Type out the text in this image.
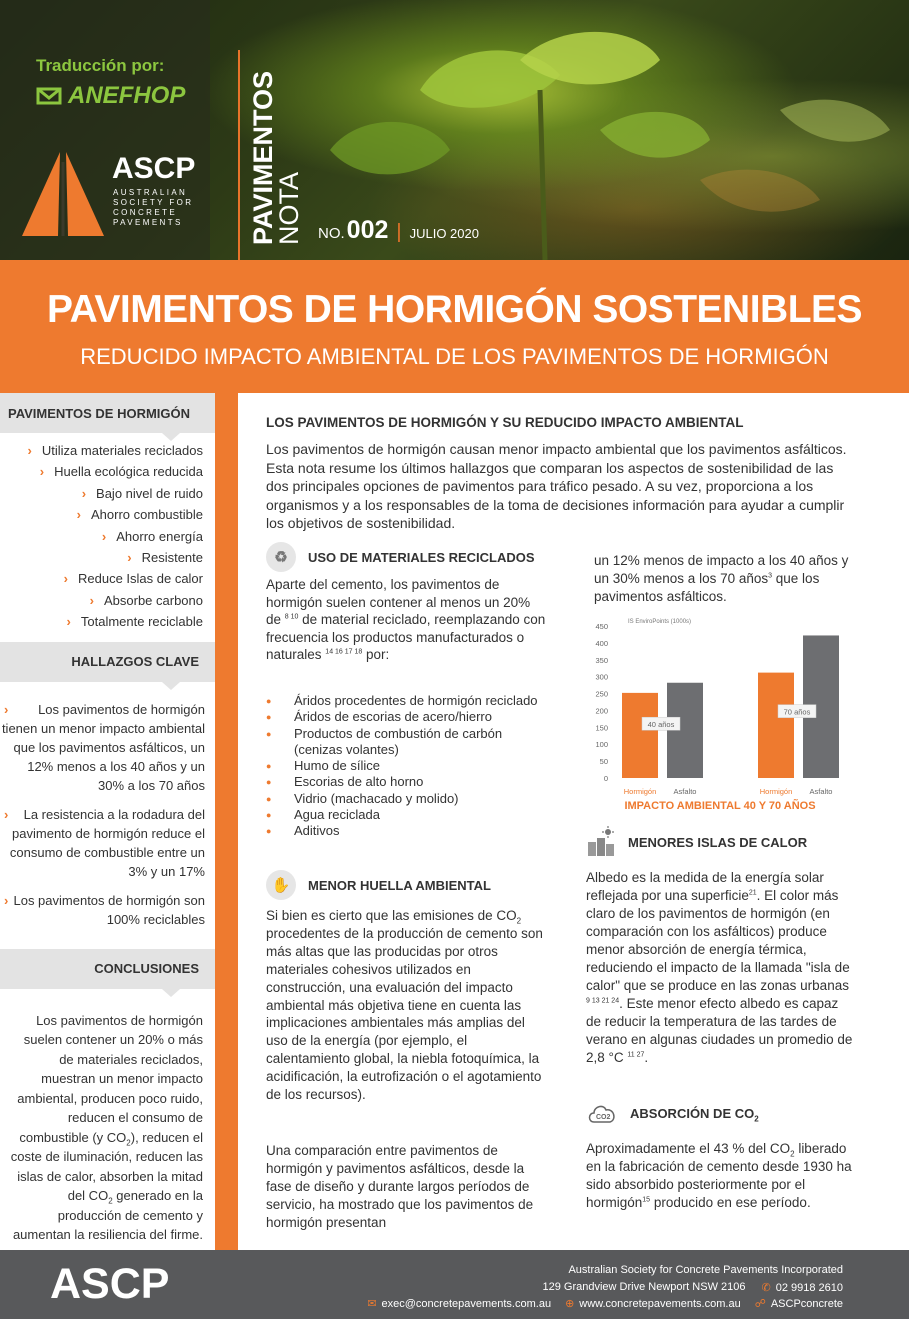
Traducción por:
ANEFHOP
ASCP
AUSTRALIAN SOCIETY FOR CONCRETE PAVEMENTS	PAVIMENTOS
NOTA NO. 002 | JULIO 2020
PAVIMENTOS DE HORMIGÓN SOSTENIBLES
REDUCIDO IMPACTO AMBIENTAL DE LOS PAVIMENTOS DE HORMIGÓN
PAVIMENTOS DE HORMIGÓN
› Utiliza materiales reciclados
› Huella ecológica reducida
› Bajo nivel de ruido
› Ahorro combustible
› Ahorro energía
› Resistente
› Reduce Islas de calor
› Absorbe carbono
› Totalmente reciclable
HALLAZGOS CLAVE
› Los pavimentos de hormigón tienen un menor impacto ambiental que los pavimentos asfálticos, un 12% menos a los 40 años y un 30% a los 70 años
› La resistencia a la rodadura del pavimento de hormigón reduce el consumo de combustible entre un 3% y un 17%
› Los pavimentos de hormigón son 100% reciclables
CONCLUSIONES

Los pavimentos de hormigón suelen contener un 20% o más de materiales reciclados, muestran un menor impacto ambiental, producen poco ruido, reducen el consumo de combustible (y $CO_2$), reducen el coste de iluminación, reducen las islas de calor, absorben la mitad del $CO_2$ generado en la producción de cemento y aumentan la resiliencia del firme.

LOS PAVIMENTOS DE HORMIGÓN Y SU REDUCIDO IMPACTO AMBIENTAL

Los pavimentos de hormigón causan menor impacto ambiental que los pavimentos asfálticos. Esta nota resume los últimos hallazgos que comparan los aspectos de sostenibilidad de las dos principales opciones de pavimentos para tráfico pesado. A su vez, proporciona a los organismos y a los responsables de la toma de decisiones información para ayudar a cumplir los objetivos de sostenibilidad.

♻	USO DE MATERIALES RECICLADOS

Aparte del cemento, los pavimentos de hormigón suelen contener al menos un 20% de $^{8 10}$ de material reciclado, reemplazando con frecuencia los productos manufacturados o naturales $^{14 16 17 18}$ por:

● Áridos procedentes de hormigón reciclado
● Áridos de escorias de acero/hierro
● Productos de combustión de carbón (cenizas volantes)
● Humo de sílice
● Escorias de alto horno
● Vidrio (machacado y molido)
● Agua reciclada
● Aditivos
✋	MENOR HUELLA AMBIENTAL

Si bien es cierto que las emisiones de $CO_2$ procedentes de la producción de cemento son más altas que las producidas por otros materiales cohesivos utilizados en construcción, una evaluación del impacto ambiental más objetiva tiene en cuenta las implicaciones ambientales más amplias del uso de la energía (por ejemplo, el calentamiento global, la niebla fotoquímica, la acidificación, la eutrofización o el agotamiento de los recursos).

Una comparación entre pavimentos de hormigón y pavimentos asfálticos, desde la fase de diseño y durante largos períodos de servicio, ha mostrado que los pavimentos de hormigón presentan

un 12% menos de impacto a los 40 años y un 30% menos a los 70 años$^3$ que los pavimentos asfálticos.

IS EnviroPoints (1000s)
0
50
100
150
200
250
300
350
400
450
Hormigón Asfalto
40 años
Hormigón Asfalto
70 años
IMPACTO AMBIENTAL 40 Y 70 AÑOS
MENORES ISLAS DE CALOR

Albedo es la medida de la energía solar reflejada por una superficie$^{21}$. El color más claro de los pavimentos de hormigón (en comparación con los asfálticos) produce menor absorción de energía térmica, reduciendo el impacto de la llamada "isla de calor" que se produce en las zonas urbanas $^{9 13 21 24}$. Este menor efecto albedo es capaz de reducir la temperatura de las tardes de verano en algunas ciudades un promedio de 2,8 °C $^{11 27}$.

CO2 ABSORCIÓN DE $CO_2$

Aproximadamente el 43 % del $CO_2$ liberado en la fabricación de cemento desde 1930 ha sido absorbido posteriormente por el hormigón$^{15}$ producido en ese período.

ASCP	Australian Society for Concrete Pavements Incorporated
129 Grandview Drive Newport NSW 2106 ✆ 02 9918 2610
✉ exec@concretepavements.com.au ⊕ www.concretepavements.com.au ☍ ASCPconcrete
